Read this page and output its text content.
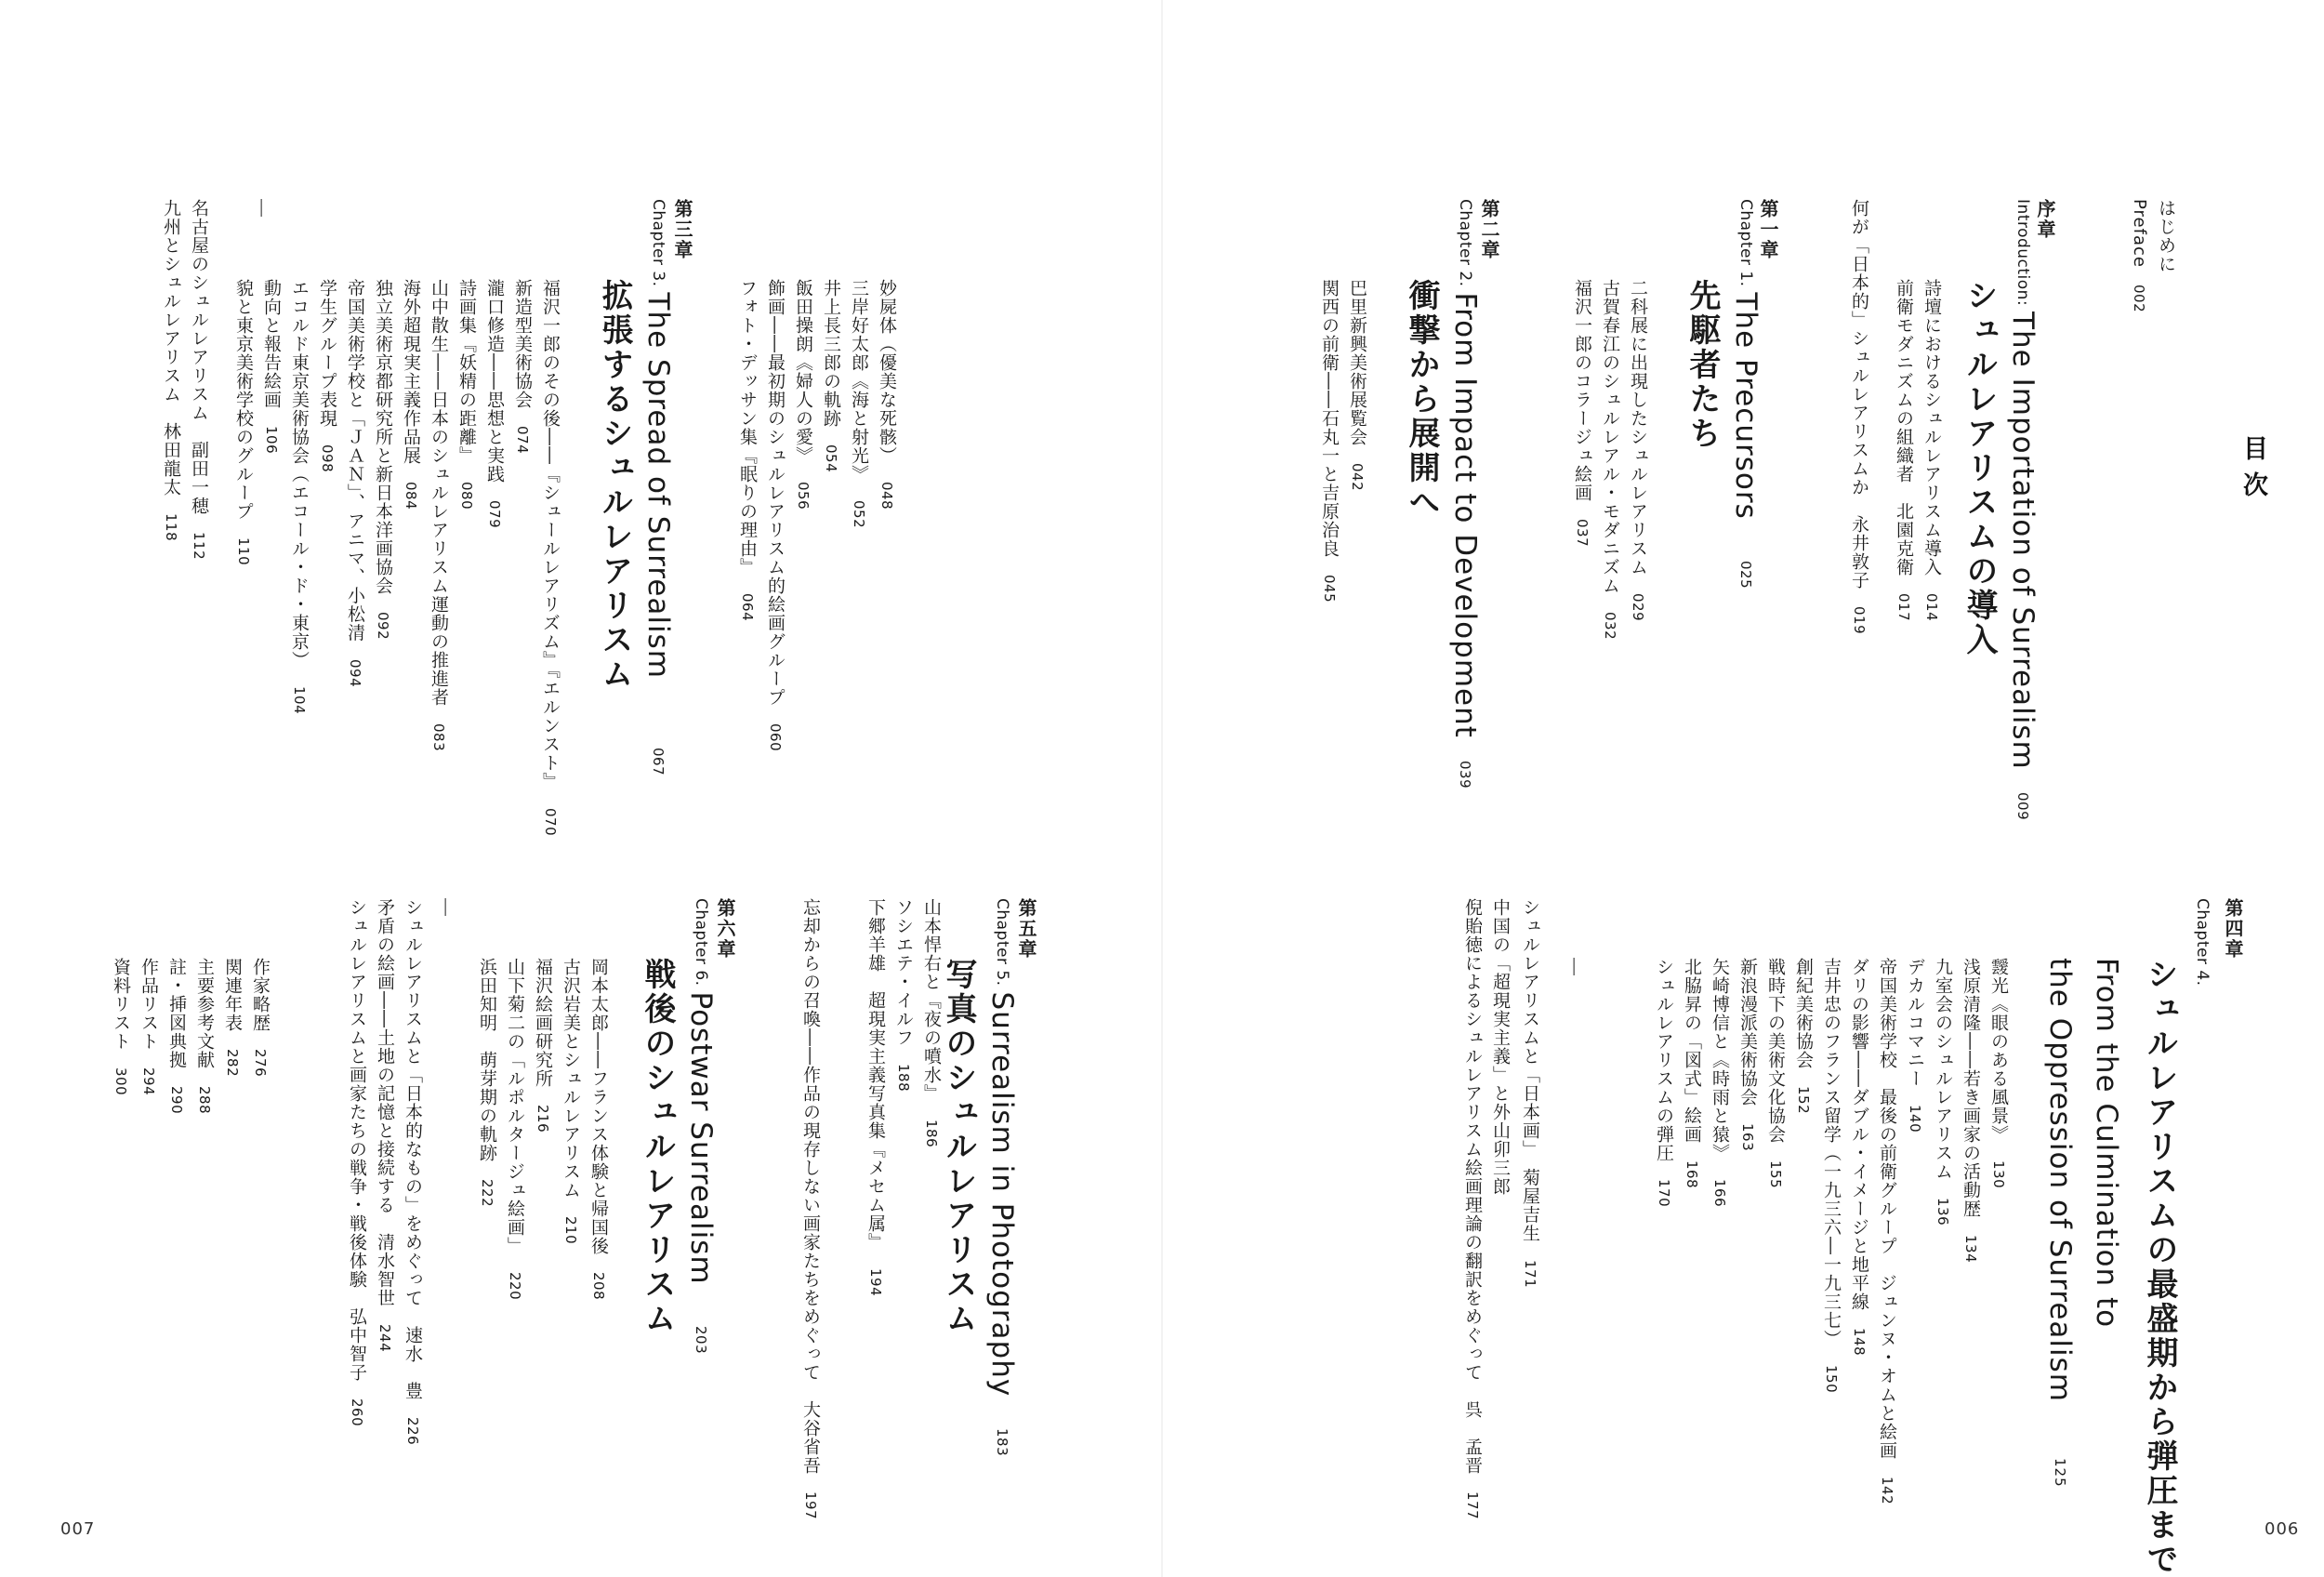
目次
はじめに
Preface002
序章
Introduction: The Importation of Surrealism009
シュルレアリスムの導入
詩壇におけるシュルレアリスム導入014
前衛モダニズムの組織者　北園克衛017
何が「日本的」シュルレアリスムか　永井敦子019
第一章
Chapter 1. The Precursors025
先駆者たち
二科展に出現したシュルレアリスム029
古賀春江のシュルレアル・モダニズム032
福沢一郎のコラージュ絵画037
第二章
Chapter 2. From Impact to Development039
衝撃から展開へ
巴里新興美術展覧会042
関西の前衛――石丸一と吉原治良045
第四章
Chapter 4.
シュルレアリスムの最盛期から弾圧まで
From the Culmination to
the Oppression of Surrealism125
靉光《眼のある風景》130
浅原清隆――若き画家の活動歴134
九室会のシュルレアリスム136
デカルコマニー140
帝国美術学校　最後の前衛グループ　ジュンヌ・オムと絵画142
ダリの影響――ダブル・イメージと地平線148
吉井忠のフランス留学（一九三六―一九三七）150
創紀美術協会152
戦時下の美術文化協会155
新浪漫派美術協会163
矢崎博信と《時雨と猿》166
北脇昇の「図式」絵画168
シュルレアリスムの弾圧170
―
シュルレアリスムと「日本画」　菊屋吉生171
中国の「超現実主義」と外山卯三郎
倪貽徳によるシュルレアリスム絵画理論の翻訳をめぐって　呉　孟晋177
006
妙屍体（優美な死骸）048
三岸好太郎《海と射光》052
井上長三郎の軌跡054
飯田操朗《婦人の愛》056
飾画――最初期のシュルレアリスム的絵画グループ060
フォト・デッサン集『眠りの理由』064
第三章
Chapter 3. The Spread of Surrealism067
拡張するシュルレアリスム
福沢一郎のその後――『シュールレアリズム』『エルンスト』070
新造型美術協会074
瀧口修造――思想と実践079
詩画集『妖精の距離』080
山中散生――日本のシュルレアリスム運動の推進者083
海外超現実主義作品展084
独立美術京都研究所と新日本洋画協会092
帝国美術学校と「ＪＡＮ」、アニマ、小松清094
学生グループ表現098
エコルド東京美術協会（エコール・ド・東京）104
動向と報告絵画106
貌と東京美術学校のグループ110
―
名古屋のシュルレアリスム　副田一穂112
九州とシュルレアリスム　林田龍太118
第五章
Chapter 5. Surrealism in Photography183
写真のシュルレアリスム
山本悍右と『夜の噴水』186
ソシエテ・イルフ188
下郷羊雄　超現実主義写真集『メセム属』194
忘却からの召喚――作品の現存しない画家たちをめぐって　大谷省吾197
第六章
Chapter 6. Postwar Surrealism203
戦後のシュルレアリスム
岡本太郎――フランス体験と帰国後208
古沢岩美とシュルレアリスム210
福沢絵画研究所216
山下菊二の「ルポルタージュ絵画」220
浜田知明　萌芽期の軌跡222
―
シュルレアリスムと「日本的なもの」をめぐって　速水　豊226
矛盾の絵画――土地の記憶と接続する　清水智世244
シュルレアリスムと画家たちの戦争・戦後体験　弘中智子260
作家略歴276
関連年表282
主要参考文献288
註・挿図典拠290
作品リスト294
資料リスト300
007
